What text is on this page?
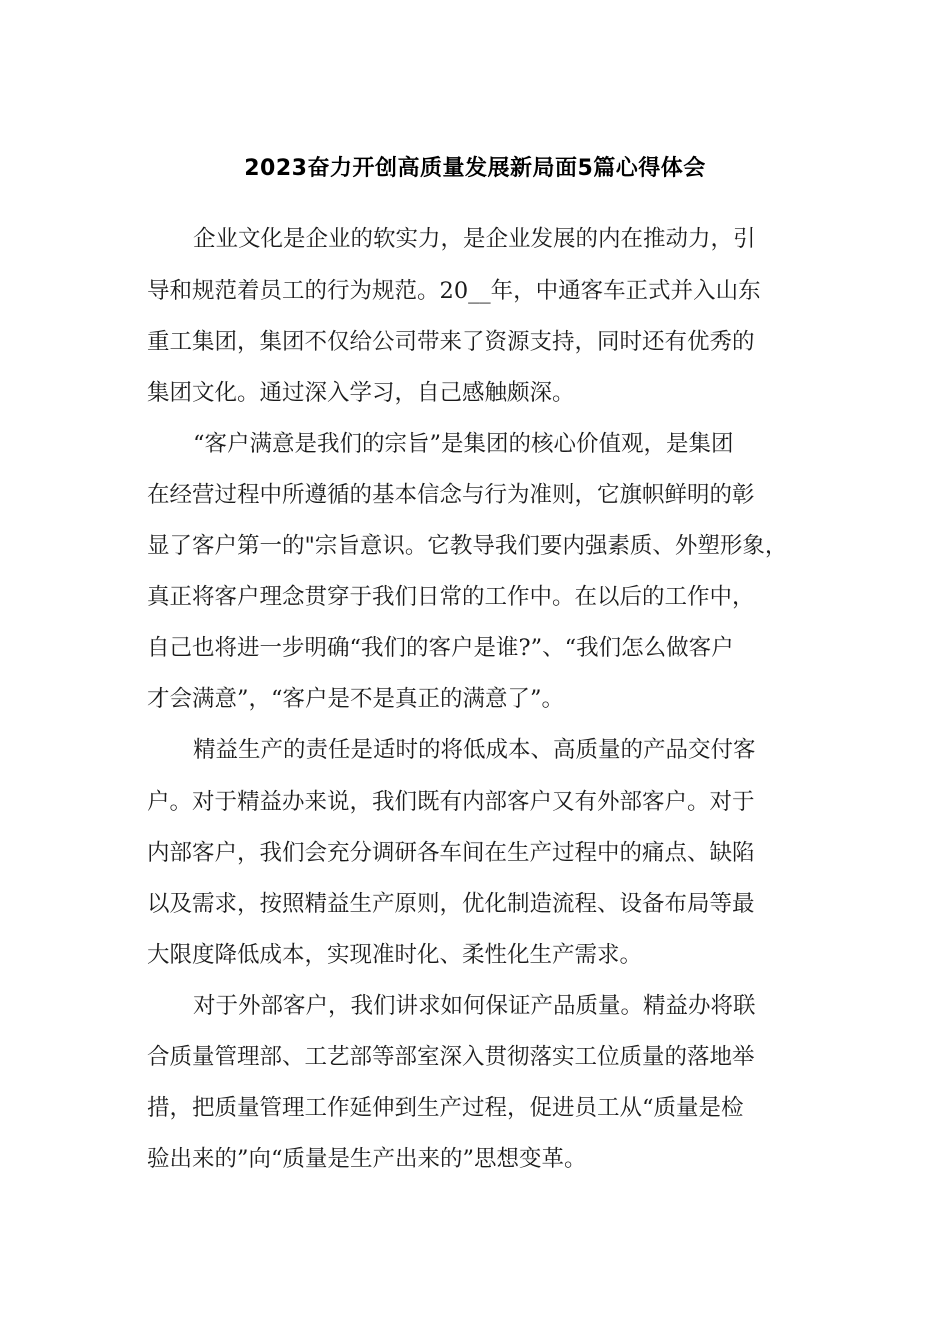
2023奋力开创高质量发展新局面5篇心得体会

企业文化是企业的软实力，是企业发展的内在推动力，引

导和规范着员工的行为规范。20__年，中通客车正式并入山东

重工集团，集团不仅给公司带来了资源支持，同时还有优秀的

集团文化。通过深入学习，自己感触颇深。

“客户满意是我们的宗旨”是集团的核心价值观，是集团

在经营过程中所遵循的基本信念与行为准则，它旗帜鲜明的彰

显了客户第一的"宗旨意识。它教导我们要内强素质、外塑形象，

真正将客户理念贯穿于我们日常的工作中。在以后的工作中，

自己也将进一步明确“我们的客户是谁?”、“我们怎么做客户

才会满意”，“客户是不是真正的满意了”。

精益生产的责任是适时的将低成本、高质量的产品交付客

户。对于精益办来说，我们既有内部客户又有外部客户。对于

内部客户，我们会充分调研各车间在生产过程中的痛点、缺陷

以及需求，按照精益生产原则，优化制造流程、设备布局等最

大限度降低成本，实现准时化、柔性化生产需求。

对于外部客户，我们讲求如何保证产品质量。精益办将联

合质量管理部、工艺部等部室深入贯彻落实工位质量的落地举

措，把质量管理工作延伸到生产过程，促进员工从“质量是检

验出来的”向“质量是生产出来的”思想变革。
